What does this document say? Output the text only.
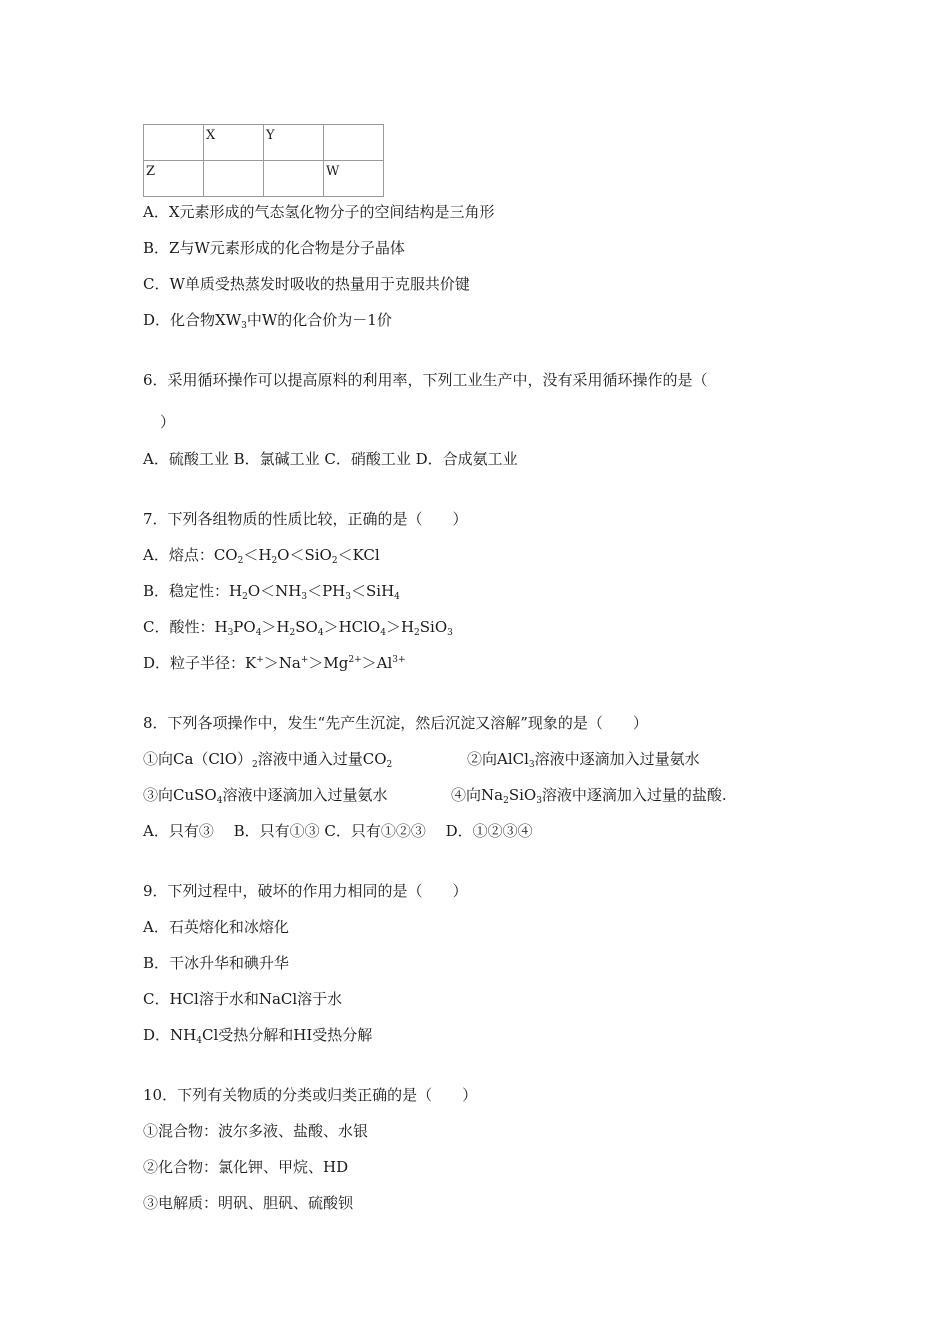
	X	Y	
Z			W
A．X元素形成的气态氢化物分子的空间结构是三角形
B．Z与W元素形成的化合物是分子晶体
C．W单质受热蒸发时吸收的热量用于克服共价键
D．化合物$XW_3$中W的化合价为－1价
6．采用循环操作可以提高原料的利用率，下列工业生产中，没有采用循环操作的是（
）
A．硫酸工业 B．氯碱工业 C．硝酸工业 D．合成氨工业
7．下列各组物质的性质比较，正确的是（　　）
A．熔点：$CO_2<H_2O<SiO_2<KCl$
B．稳定性：$H_2O<NH_3<PH_3<SiH_4$
C．酸性：$H_3PO_4>H_2SO_4>HClO_4>H_2SiO_3$
D．粒子半径：$K^+>Na^+>Mg^{2+}>Al^{3+}$
8．下列各项操作中，发生“先产生沉淀，然后沉淀又溶解”现象的是（　　）
①向$Ca(ClO)_2$溶液中通入过量$CO_2$	②向AlCl$_3$溶液中逐滴加入过量氨水
③向CuSO$_4$溶液中逐滴加入过量氨水	④向$Na_2SiO_3$溶液中逐滴加入过量的盐酸.
A．只有③　 B．只有①③ C．只有①②③　 D．①②③④
9．下列过程中，破坏的作用力相同的是（　　）
A．石英熔化和冰熔化
B．干冰升华和碘升华
C．HCl溶于水和NaCl溶于水
D．$NH_4Cl$受热分解和HI受热分解
10．下列有关物质的分类或归类正确的是（　　）
①混合物：波尔多液、盐酸、水银
②化合物：氯化钾、甲烷、HD
③电解质：明矾、胆矾、硫酸钡
